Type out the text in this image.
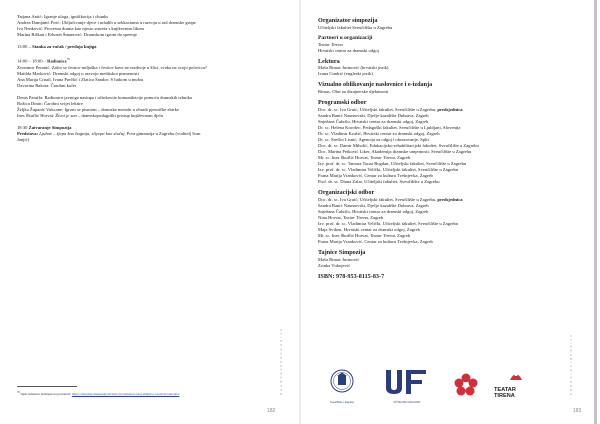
Tatjana Antić: Igranje uloga, ignifikacija i chunks
Andrea Damjanić Firić: Uključivanje djece i mladih u sekkaciama u razvoju u rad dramske grupe
Iva Nenković: Procesna drama kao njesto susreta s književnim likom
Marina Biškan i Erboset Šmanović: Dramskom igrom do speenje
13:00 – Stanka za ručak / predaja knjiga
14:00 – 18:00 – Radionice$^{79}$
Zvonimir Peranić: Zašto se čestice miljuška i čestice kave ne razdvoje u žlici, svaka na svoju polovicu?
Matilda Marković: Dramski odgoj u razvoju mediiskoi pismenosti
Ana Marija Crnail, Ivana Pavlšić i Zlatica Šandor: S lutkom u muštu
Davorina Bakota: Čarobni kofer
Denis Patuffa: Radionica javnoga nastupa i učinkovite komunikacije pomoću dramskih tehnika
Božica Dimit: Čarobni svijet lektire
Željka Županić Vukcane: Igrom se pismom – dramske metode u obradi pjesničke zbirke
Ines Škuflić Horvat: Život je san – dramskopedagoški pristup književnom djelu
18:30 Zatvaranje Simpozija
Predstava: Ljubav – šjepa kao baginja, sliyepa kao slučaj, Prva gimnazija u Zagrebu (voditelj Ivan
Janjić)
$^{79}$ Opis radionica dostupan na poveznici: https://nnaedarodnoksrenje.hr/kd/o-hr/radionice-sdoj-smijsice-i-naslovi/radionice	D R A M S K A P E D A G O G I J A
182
Organizator simpozija
Učiteljski fakultet Sveučilišta u Zagrebu
Partneri u organizaciji
Teatar Tirena
Hrvatski centar za dramski odgoj
Lektura
Maša Rimac Jurinović (hrvatski jezik)
Ivana Cindrić (engleski jezik)
Vizualno oblikovanje naslovnice i e-izdanja
Rimac, Obrt za dizajnerske djelatnosti
Programski odbor
Doc. dr. sc. Iva Gruić, Učiteljski fakultet, Sveučilište u Zagrebu, predsjednica
Sandra Banić Naumovski, Dječje kazalište Dubrava, Zagreb
Snježana Čubrilo, Hrvatski centar za dramski odgoj, Zagreb
Dr. sc. Helena Korošec, Pedagoški fakultet, Sveučilište u Ljubljani, Slovenija
Dr. sc. Vladimir Krušić, Hrvatski centar za dramski odgoj, Zagreb
Dr. sc. Srećko Lisnić, Agencija za odgoj i obrazovanje, Split
Doc. dr. sc. Damir Miholić, Edukacijsko-rehabilitacijski fakultet, Sveučilište u Zagrebu
Doc. Marina Petković Liker, Akademija dramske umjetnosti, Sveučilište u Zagrebu
Mr. sc. Ines Škuflić Horvat, Teatar Tirena, Zagreb
Izv. prof. dr. sc. Tamara Turza Bogdan, Učiteljski fakultet, Sveučilište u Zagrebu
Izv. prof. dr. sc. Vladimira Velički, Učiteljski fakultet, Sveučilište u Zagrebu
Frana Marija Vranković, Centar za kulturu Trešnjevka, Zagreb
Prof. dr. sc. Diana Zalar, Učiteljski fakultet, Sveučilište u Zagrebu
Organizacijski odbor
Doc. dr. sc. Iva Gruić, Učiteljski fakultet, Sveučilište u Zagrebu, predsjednica
Sandra Banić Naumovski, Dječje kazalište Dubrava, Zagreb
Snježana Čubrilo, Hrvatski centar za dramski odgoj, Zagreb
Nina Horvat, Teatar Tirena, Zagreb
Izv. prof. dr. sc. Vladimira Velički, Učiteljski fakultet, Sveučilište u Zagrebu
Maja Sviben, Hrvatski centar za dramski odgoj, Zagreb
Mr. sc. Ines Škuflić Horvat, Teatar Tirena, Zagreb
Frana Marija Vranković, Centar za kulturu Trešnjevka, Zagreb
Tajnice Simpozija
Maša Rimac Jurinović
Zrinka Vukojević
ISBN: 978-953-8115-83-7
Sveučilište u Zagrebu	UČITELJSKI FAKULTET
TEATAR TIRENA
Z B O R N I K S I M P O Z I J A
183
